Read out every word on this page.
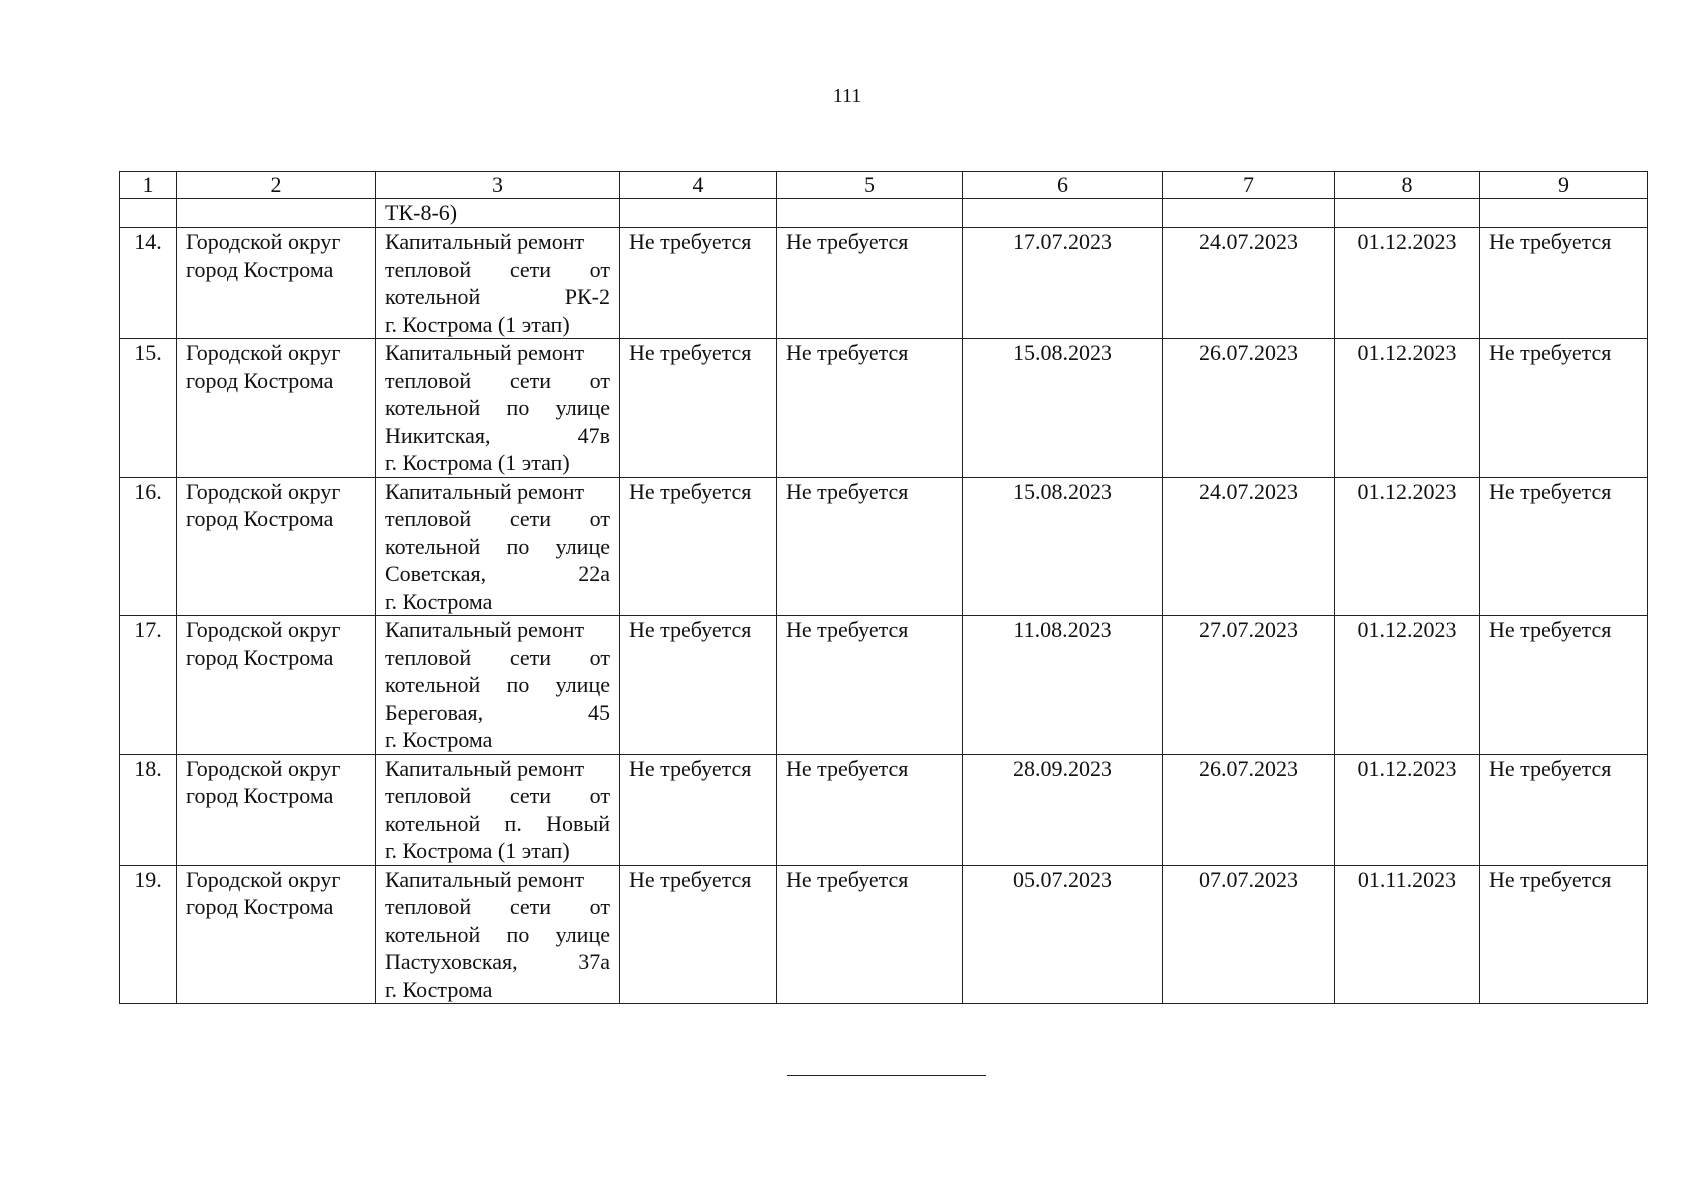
111
1	2	3	4	5	6	7	8	9
		ТК-8-6)						
14.	Городской округ город Кострома	Капитальный ремонт
тепловой сети от
котельной РК-2
г. Кострома (1 этап)	Не требуется	Не требуется	17.07.2023	24.07.2023	01.12.2023	Не требуется
15.	Городской округ город Кострома	Капитальный ремонт
тепловой сети от
котельной по улице
Никитская, 47в
г. Кострома (1 этап)	Не требуется	Не требуется	15.08.2023	26.07.2023	01.12.2023	Не требуется
16.	Городской округ город Кострома	Капитальный ремонт
тепловой сети от
котельной по улице
Советская, 22а
г. Кострома	Не требуется	Не требуется	15.08.2023	24.07.2023	01.12.2023	Не требуется
17.	Городской округ город Кострома	Капитальный ремонт
тепловой сети от
котельной по улице
Береговая, 45
г. Кострома	Не требуется	Не требуется	11.08.2023	27.07.2023	01.12.2023	Не требуется
18.	Городской округ город Кострома	Капитальный ремонт
тепловой сети от
котельной п. Новый
г. Кострома (1 этап)	Не требуется	Не требуется	28.09.2023	26.07.2023	01.12.2023	Не требуется
19.	Городской округ город Кострома	Капитальный ремонт
тепловой сети от
котельной по улице
Пастуховская, 37а
г. Кострома	Не требуется	Не требуется	05.07.2023	07.07.2023	01.11.2023	Не требуется
